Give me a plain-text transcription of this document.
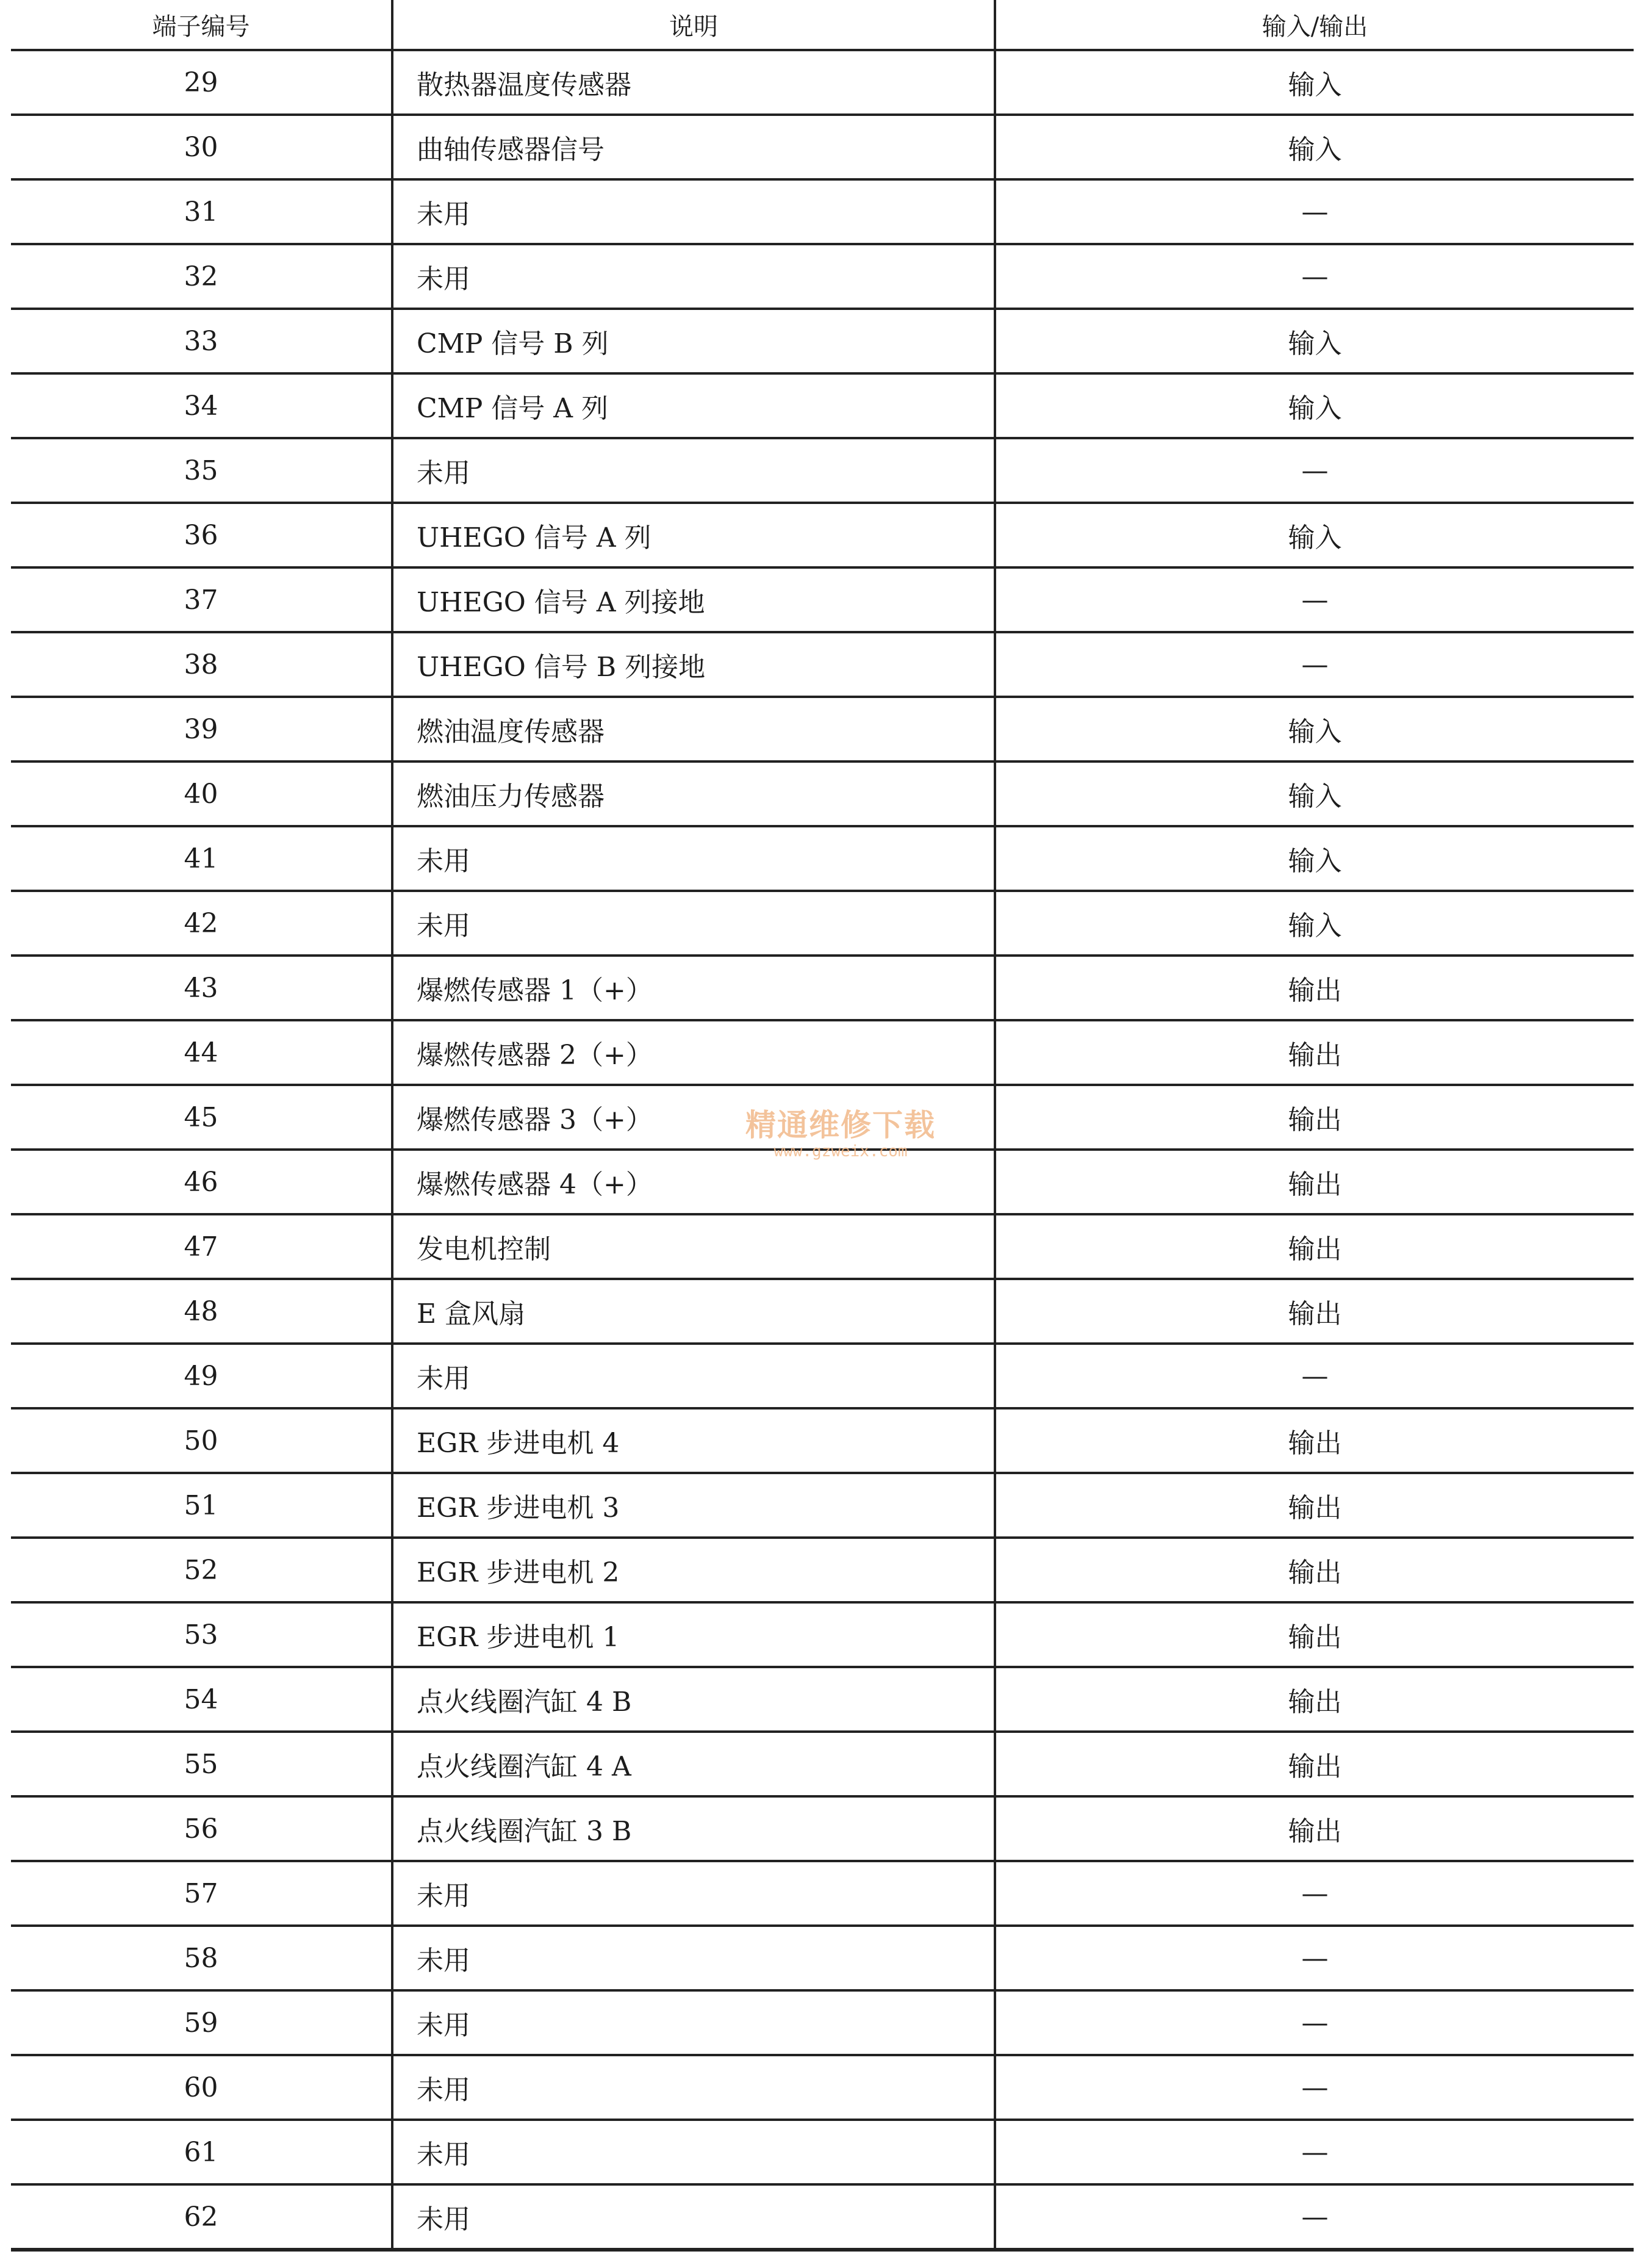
端子编号	说明	输入/输出
29	散热器温度传感器	输入
30	曲轴传感器信号	输入
31	未用	—
32	未用	—
33	CMP 信号 B 列	输入
34	CMP 信号 A 列	输入
35	未用	—
36	UHEGO 信号 A 列	输入
37	UHEGO 信号 A 列接地	—
38	UHEGO 信号 B 列接地	—
39	燃油温度传感器	输入
40	燃油压力传感器	输入
41	未用	输入
42	未用	输入
43	爆燃传感器 1（+）	输出
44	爆燃传感器 2（+）	输出
45	爆燃传感器 3（+）	输出
46	爆燃传感器 4（+）	输出
47	发电机控制	输出
48	E 盒风扇	输出
49	未用	—
50	EGR 步进电机 4	输出
51	EGR 步进电机 3	输出
52	EGR 步进电机 2	输出
53	EGR 步进电机 1	输出
54	点火线圈汽缸 4 B	输出
55	点火线圈汽缸 4 A	输出
56	点火线圈汽缸 3 B	输出
57	未用	—
58	未用	—
59	未用	—
60	未用	—
61	未用	—
62	未用	—
精通维修下载
www.gzweix.com
